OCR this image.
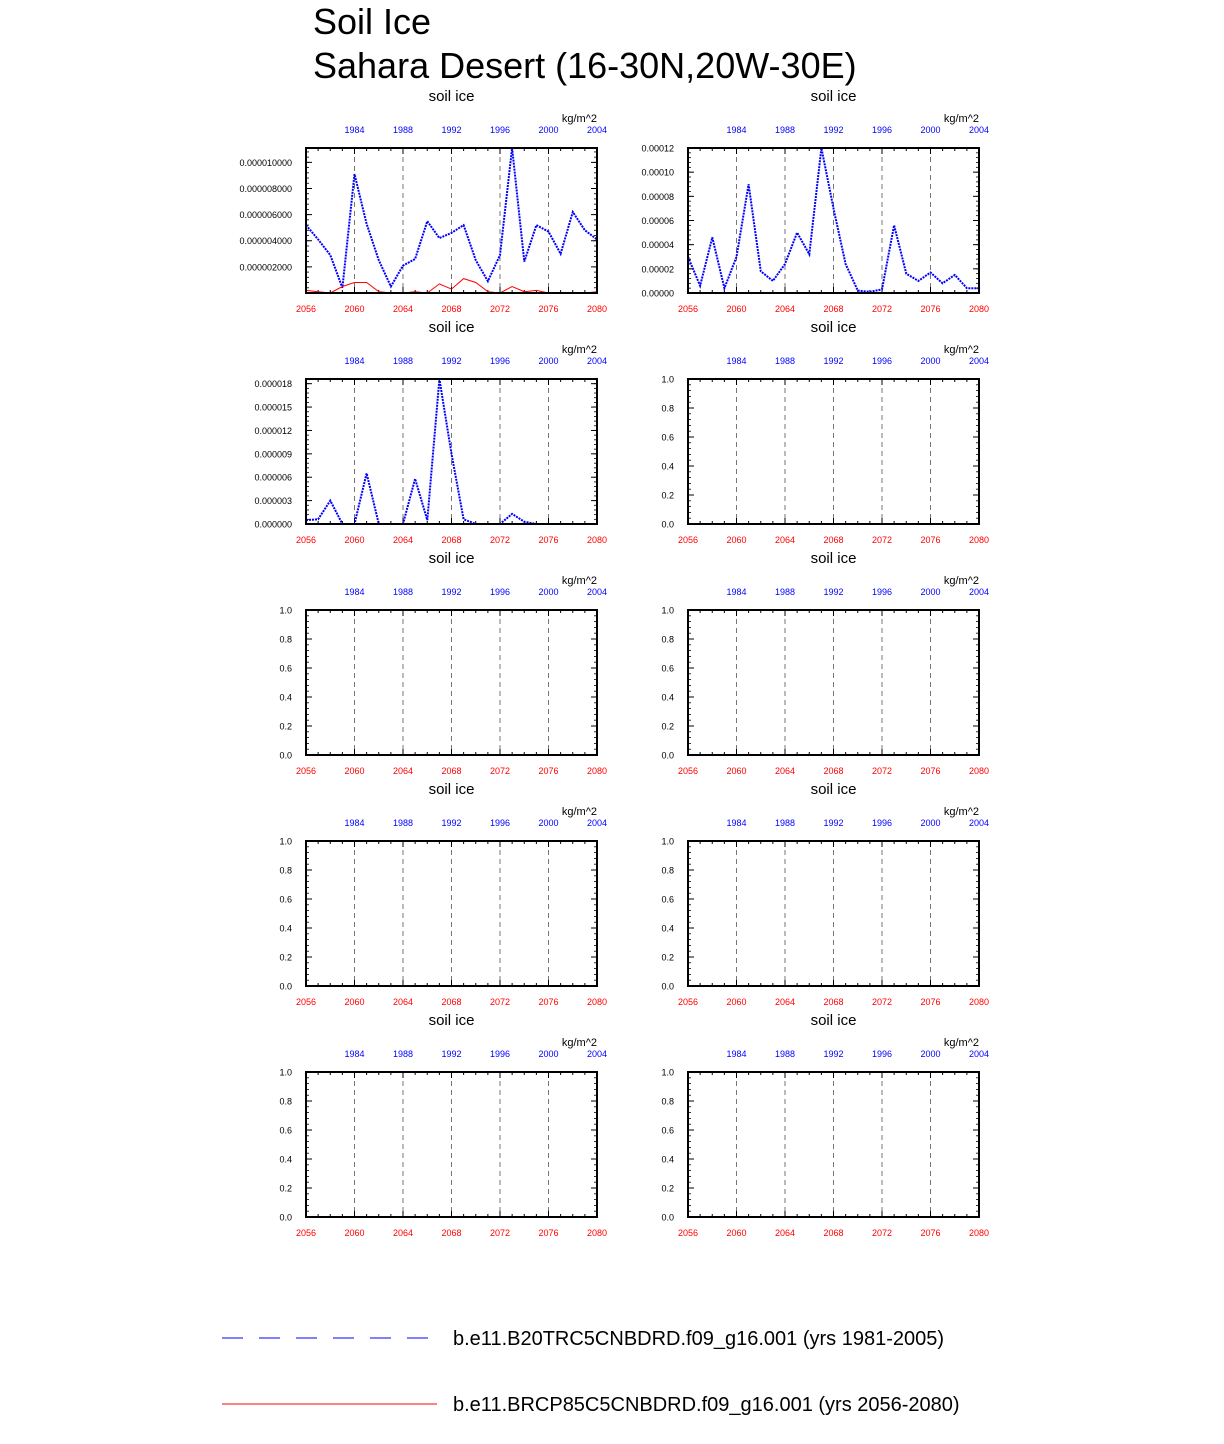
Soil Ice
Sahara Desert (16-30N,20W-30E)
soil ice
kg/m^2
2056	2060	2064	2068	2072	2076	2080
1984	1988	1992	1996	2000	2004
0.000002000
0.000004000
0.000006000
0.000008000
0.000010000
soil ice
kg/m^2
2056	2060	2064	2068	2072	2076	2080
1984	1988	1992	1996	2000	2004
0.00000
0.00002
0.00004
0.00006
0.00008
0.00010
0.00012
soil ice
kg/m^2
2056	2060	2064	2068	2072	2076	2080
1984	1988	1992	1996	2000	2004
0.000000
0.000003
0.000006
0.000009
0.000012
0.000015
0.000018
soil ice
kg/m^2
2056	2060	2064	2068	2072	2076	2080
1984	1988	1992	1996	2000	2004
0.0
0.2
0.4
0.6
0.8
1.0
soil ice
kg/m^2
2056	2060	2064	2068	2072	2076	2080
1984	1988	1992	1996	2000	2004
0.0
0.2
0.4
0.6
0.8
1.0
soil ice
kg/m^2
2056	2060	2064	2068	2072	2076	2080
1984	1988	1992	1996	2000	2004
0.0
0.2
0.4
0.6
0.8
1.0
soil ice
kg/m^2
2056	2060	2064	2068	2072	2076	2080
1984	1988	1992	1996	2000	2004
0.0
0.2
0.4
0.6
0.8
1.0
soil ice
kg/m^2
2056	2060	2064	2068	2072	2076	2080
1984	1988	1992	1996	2000	2004
0.0
0.2
0.4
0.6
0.8
1.0
soil ice
kg/m^2
2056	2060	2064	2068	2072	2076	2080
1984	1988	1992	1996	2000	2004
0.0
0.2
0.4
0.6
0.8
1.0
soil ice
kg/m^2
2056	2060	2064	2068	2072	2076	2080
1984	1988	1992	1996	2000	2004
0.0
0.2
0.4
0.6
0.8
1.0
b.e11.B20TRC5CNBDRD.f09_g16.001 (yrs 1981-2005)
b.e11.BRCP85C5CNBDRD.f09_g16.001 (yrs 2056-2080)
